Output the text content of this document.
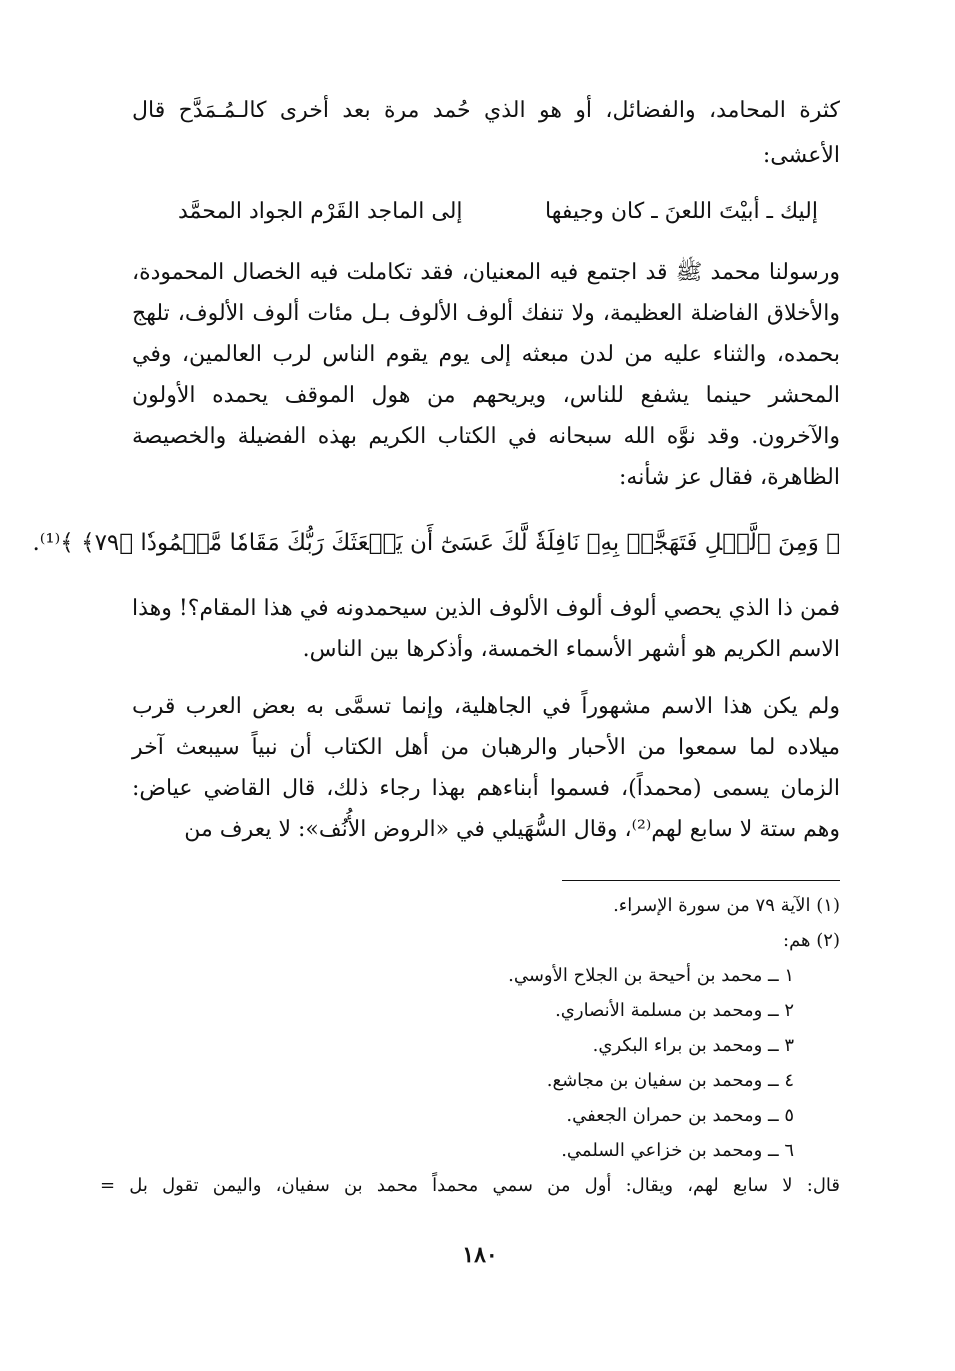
كثرة المحامد، والفضائل، أو هو الذي حُمد مرة بعد أخرى كالـمُـمَدَّح قال الأعشى:

إليك ـ أبيْتَ اللعنَ ـ كان وجيفها
إلى الماجد القَرْم الجواد المحمَّد

ورسولنا محمد ﷺ قد اجتمع فيه المعنيان، فقد تكاملت فيه الخصال المحمودة، والأخلاق الفاضلة العظيمة، ولا تنفك ألوف الألوف بـل مئات ألوف الألوف، تلهج بحمده، والثناء عليه من لدن مبعثه إلى يوم يقوم الناس لرب العالمين، وفي المحشر حينما يشفع للناس، ويريحهم من هول الموقف يحمده الأولون والآخرون. وقد نوَّه الله سبحانه في الكتاب الكريم بهذه الفضيلة والخصيصة الظاهرة، فقال عز شأنه:

﴿ وَمِنَ ٱلَّيۡلِ فَتَهَجَّدۡ بِهِۦ نَافِلَةٗ لَّكَ عَسَىٰٓ أَن يَبۡعَثَكَ رَبُّكَ مَقَامٗا مَّحۡمُودٗا ﴿٧٩﴾ ﴾⁽¹⁾.

فمن ذا الذي يحصي ألوف ألوف الألوف الذين سيحمدونه في هذا المقام؟! وهذا الاسم الكريم هو أشهر الأسماء الخمسة، وأذكرها بين الناس.

ولم يكن هذا الاسم مشهوراً في الجاهلية، وإنما تسمَّى به بعض العرب قرب ميلاده لما سمعوا من الأحبار والرهبان من أهل الكتاب أن نبياً سيبعث آخر الزمان يسمى (محمداً)، فسموا أبناءهم بهذا رجاء ذلك، قال القاضي عياض: وهم ستة لا سابع لهم⁽²⁾، وقال السُّهَيلي في «الروض الأُنُف»: لا يعرف من

(١) الآية ٧٩ من سورة الإسراء.
(٢) هم:
١ ــ محمد بن أحيحة بن الجلاح الأوسي.
٢ ــ ومحمد بن مسلمة الأنصاري.
٣ ــ ومحمد بن براء البكري.
٤ ــ ومحمد بن سفيان بن مجاشع.
٥ ــ ومحمد بن حمران الجعفي.
٦ ــ ومحمد بن خزاعي السلمي.
قال: لا سابع لهم، ويقال: أول من سمي محمداً محمد بن سفيان، واليمن تقول بل =
١٨٠
